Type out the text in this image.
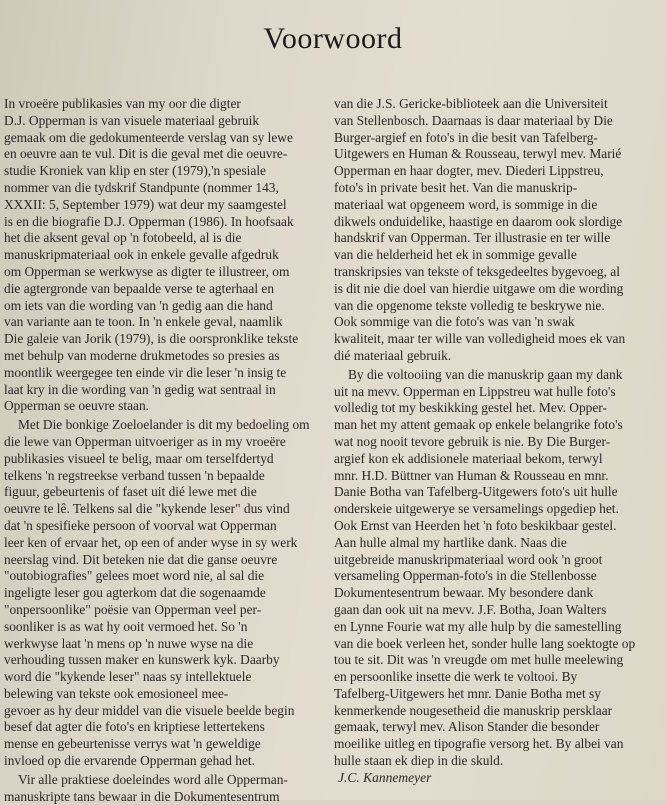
Voorwoord

In vroeëre publikasies van my oor die digter
D.J. Opperman is van visuele materiaal gebruik
gemaak om die gedokumenteerde verslag van sy lewe
en oeuvre aan te vul. Dit is die geval met die oeuvre-
studie Kroniek van klip en ster (1979),'n spesiale
nommer van die tydskrif Standpunte (nommer 143,
XXXII: 5, September 1979) wat deur my saamgestel
is en die biografie D.J. Opperman (1986). In hoofsaak
het die aksent geval op 'n fotobeeld, al is die
manuskripmateriaal ook in enkele gevalle afgedruk
om Opperman se werkwyse as digter te illustreer, om
die agtergronde van bepaalde verse te agterhaal en
om iets van die wording van 'n gedig aan die hand
van variante aan te toon. In 'n enkele geval, naamlik
Die galeie van Jorik (1979), is die oorspronklike tekste
met behulp van moderne drukmetodes so presies as
moontlik weergegee ten einde vir die leser 'n insig te
laat kry in die wording van 'n gedig wat sentraal in
Opperman se oeuvre staan.

Met Die bonkige Zoeloelander is dit my bedoeling om
die lewe van Opperman uitvoeriger as in my vroeëre
publikasies visueel te belig, maar om terselfdertyd
telkens 'n regstreekse verband tussen 'n bepaalde
figuur, gebeurtenis of faset uit dié lewe met die
oeuvre te lê. Telkens sal die "kykende leser" dus vind
dat 'n spesifieke persoon of voorval wat Opperman
leer ken of ervaar het, op een of ander wyse in sy werk
neerslag vind. Dit beteken nie dat die ganse oeuvre
"outobiografies" gelees moet word nie, al sal die
ingeligte leser gou agterkom dat die sogenaamde
"onpersoonlike" poësie van Opperman veel per-
soonliker is as wat hy ooit vermoed het. So 'n
werkwyse laat 'n mens op 'n nuwe wyse na die
verhouding tussen maker en kunswerk kyk. Daarby
word die "kykende leser" naas sy intellektuele
belewing van tekste ook emosioneel mee-
gevoer as hy deur middel van die visuele beelde begin
besef dat agter die foto's en kriptiese lettertekens
mense en gebeurtenisse verrys wat 'n geweldige
invloed op die ervarende Opperman gehad het.

Vir alle praktiese doeleindes word alle Opperman-
manuskripte tans bewaar in die Dokumentesentrum

van die J.S. Gericke-biblioteek aan die Universiteit
van Stellenbosch. Daarnaas is daar materiaal by Die
Burger-argief en foto's in die besit van Tafelberg-
Uitgewers en Human & Rousseau, terwyl mev. Marié
Opperman en haar dogter, mev. Diederi Lippstreu,
foto's in private besit het. Van die manuskrip-
materiaal wat opgeneem word, is sommige in die
dikwels onduidelike, haastige en daarom ook slordige
handskrif van Opperman. Ter illustrasie en ter wille
van die helderheid het ek in sommige gevalle
transkripsies van tekste of teksgedeeltes bygevoeg, al
is dit nie die doel van hierdie uitgawe om die wording
van die opgenome tekste volledig te beskrywe nie.
Ook sommige van die foto's was van 'n swak
kwaliteit, maar ter wille van volledigheid moes ek van
dié materiaal gebruik.

By die voltooiing van die manuskrip gaan my dank
uit na mevv. Opperman en Lippstreu wat hulle foto's
volledig tot my beskikking gestel het. Mev. Opper-
man het my attent gemaak op enkele belangrike foto's
wat nog nooit tevore gebruik is nie. By Die Burger-
argief kon ek addisionele materiaal bekom, terwyl
mnr. H.D. Büttner van Human & Rousseau en mnr.
Danie Botha van Tafelberg-Uitgewers foto's uit hulle
onderskeie uitgewerye se versamelings opgediep het.
Ook Ernst van Heerden het 'n foto beskikbaar gestel.
Aan hulle almal my hartlike dank. Naas die
uitgebreide manuskripmateriaal word ook 'n groot
versameling Opperman-foto's in die Stellenbosse
Dokumentesentrum bewaar. My besondere dank
gaan dan ook uit na mevv. J.F. Botha, Joan Walters
en Lynne Fourie wat my alle hulp by die samestelling
van die boek verleen het, sonder hulle lang soektogte op
tou te sit. Dit was 'n vreugde om met hulle meelewing
en persoonlike insette die werk te voltooi. By
Tafelberg-Uitgewers het mnr. Danie Botha met sy
kenmerkende nougesetheid die manuskrip persklaar
gemaak, terwyl mev. Alison Stander die besonder
moeilike uitleg en tipografie versorg het. By albei van
hulle staan ek diep in die skuld.

J.C. Kannemeyer
